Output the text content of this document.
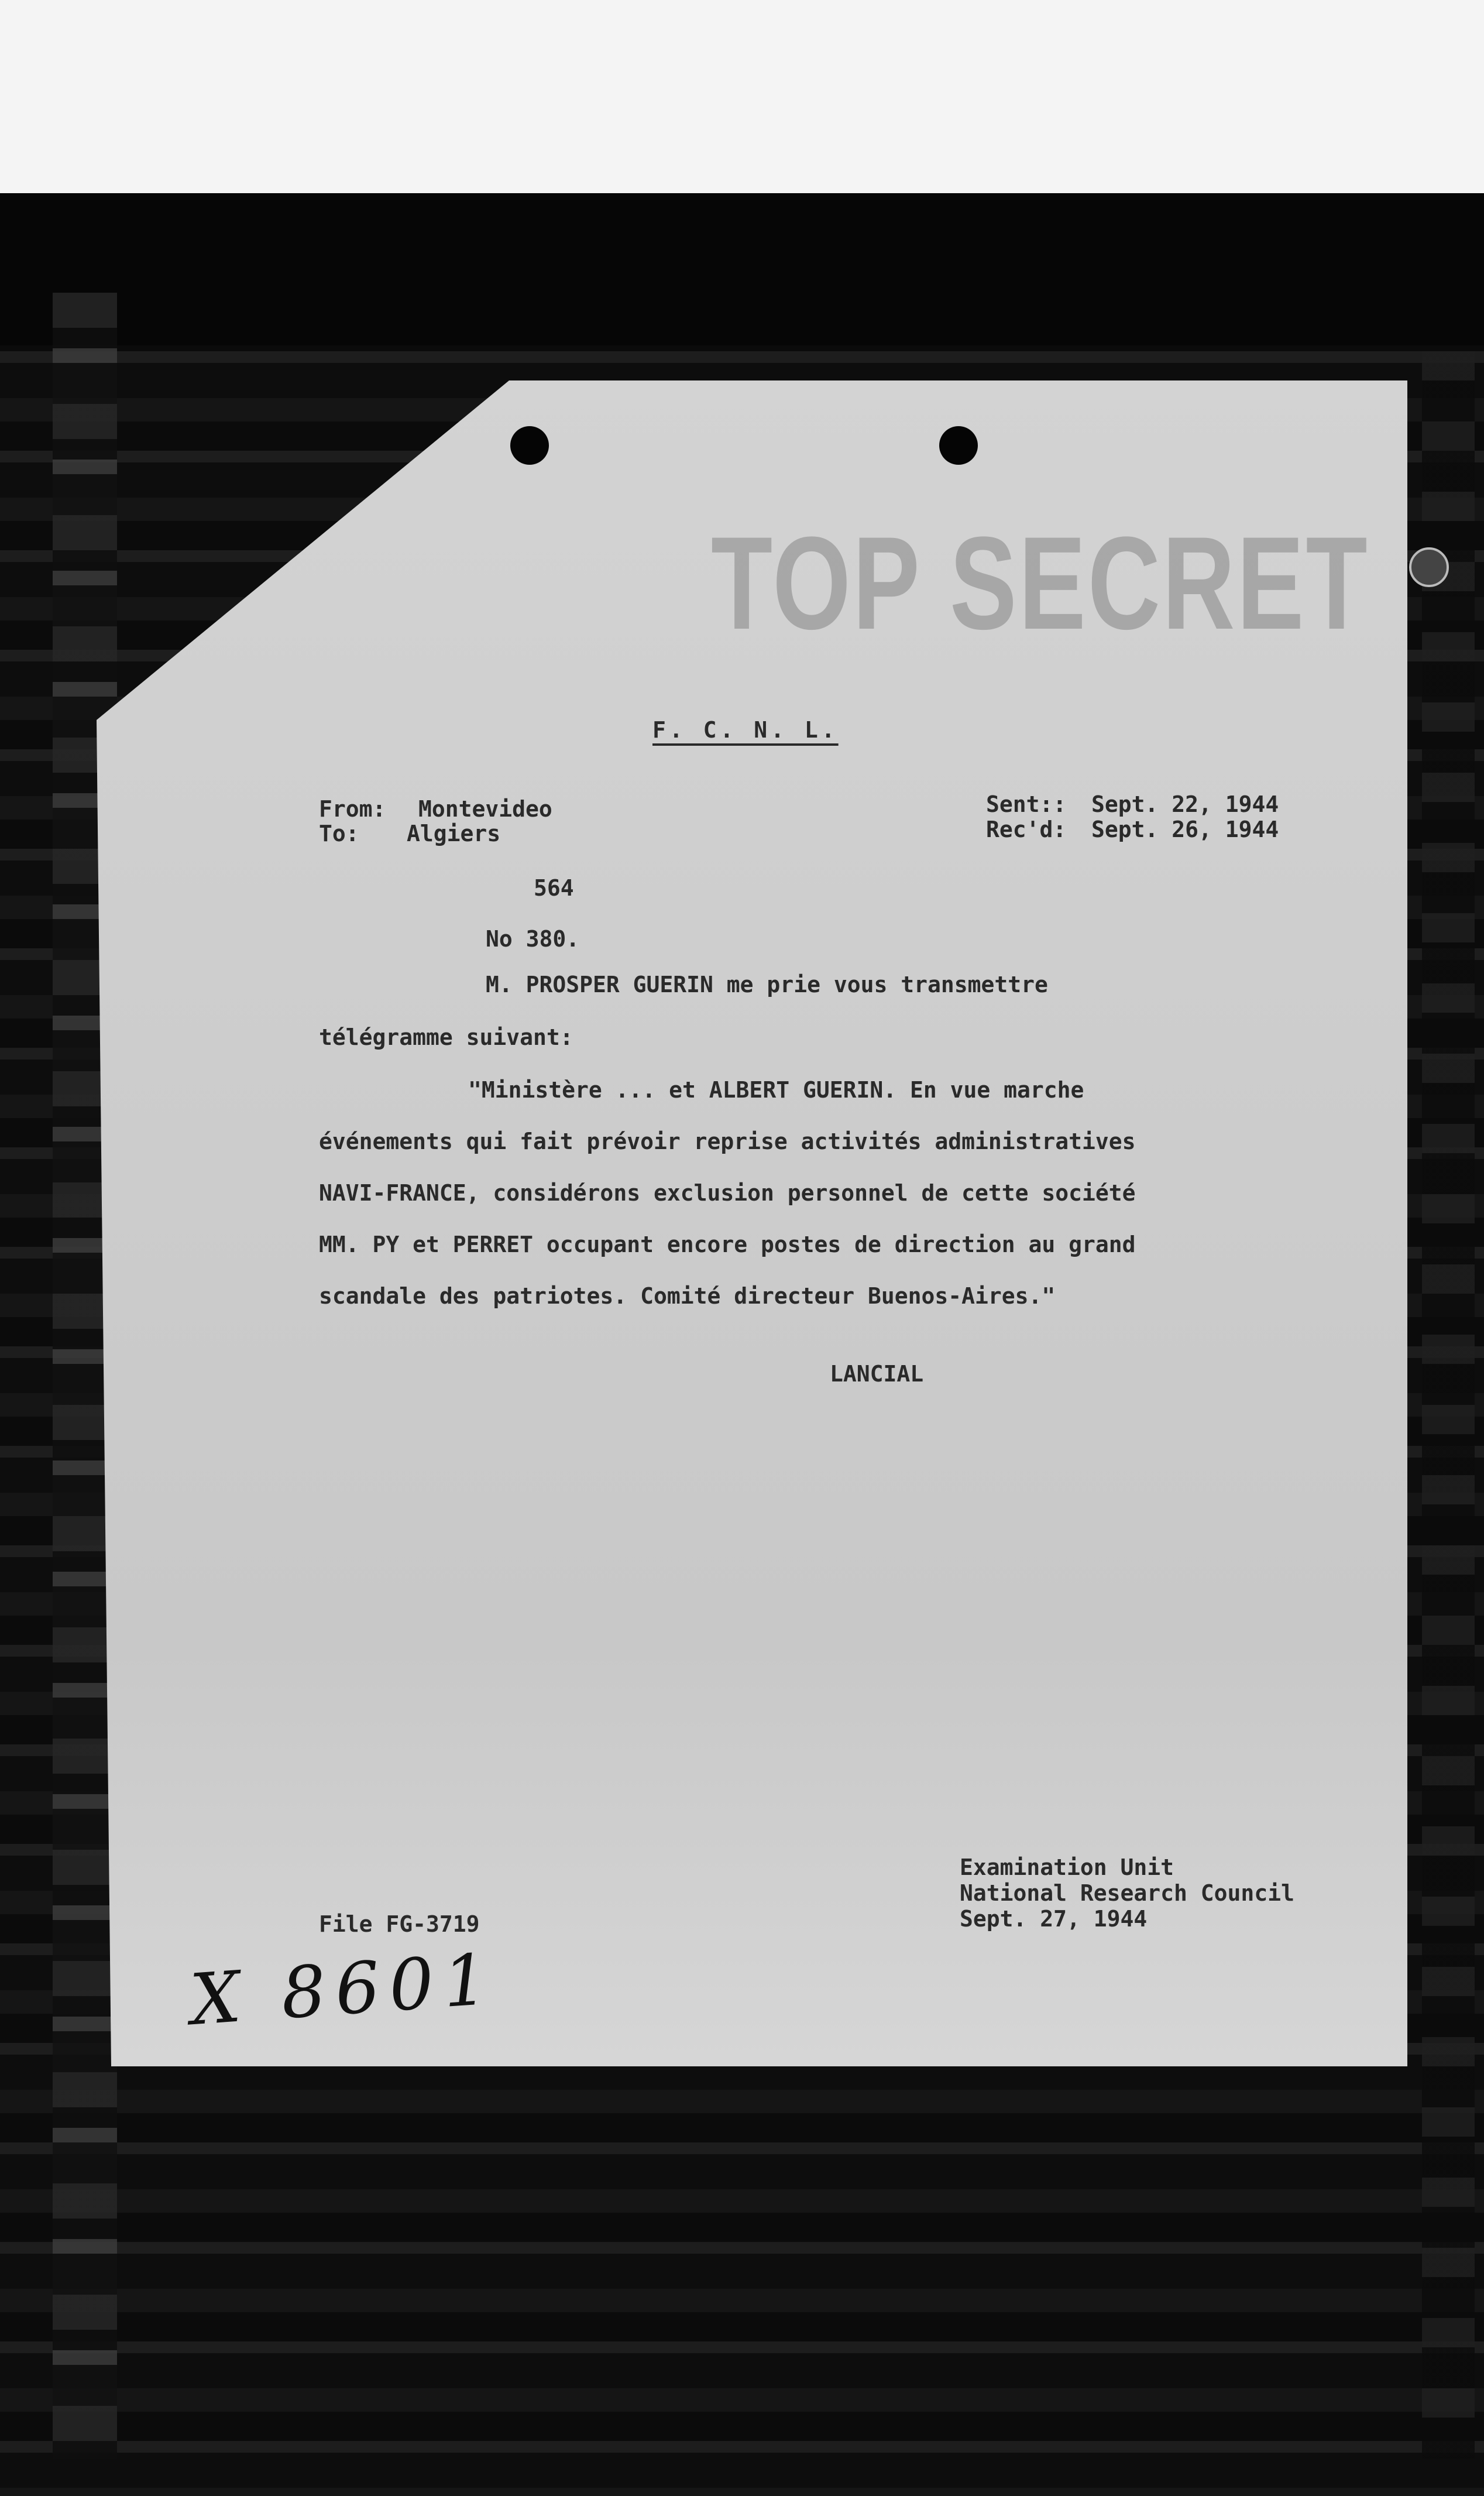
TOP SECRET
F. C. N. L.
From: Montevideo
To: Algiers
Sent:: Sept. 22, 1944
Rec'd: Sept. 26, 1944
564
No 380.
M. PROSPER GUERIN me prie vous transmettre
télégramme suivant:
"Ministère ... et ALBERT GUERIN. En vue marche
événements qui fait prévoir reprise activités administratives
NAVI-FRANCE, considérons exclusion personnel de cette société
MM. PY et PERRET occupant encore postes de direction au grand
scandale des patriotes. Comité directeur Buenos-Aires."
LANCIAL
File FG-3719
Examination Unit
National Research Council
Sept. 27, 1944
X 8601
